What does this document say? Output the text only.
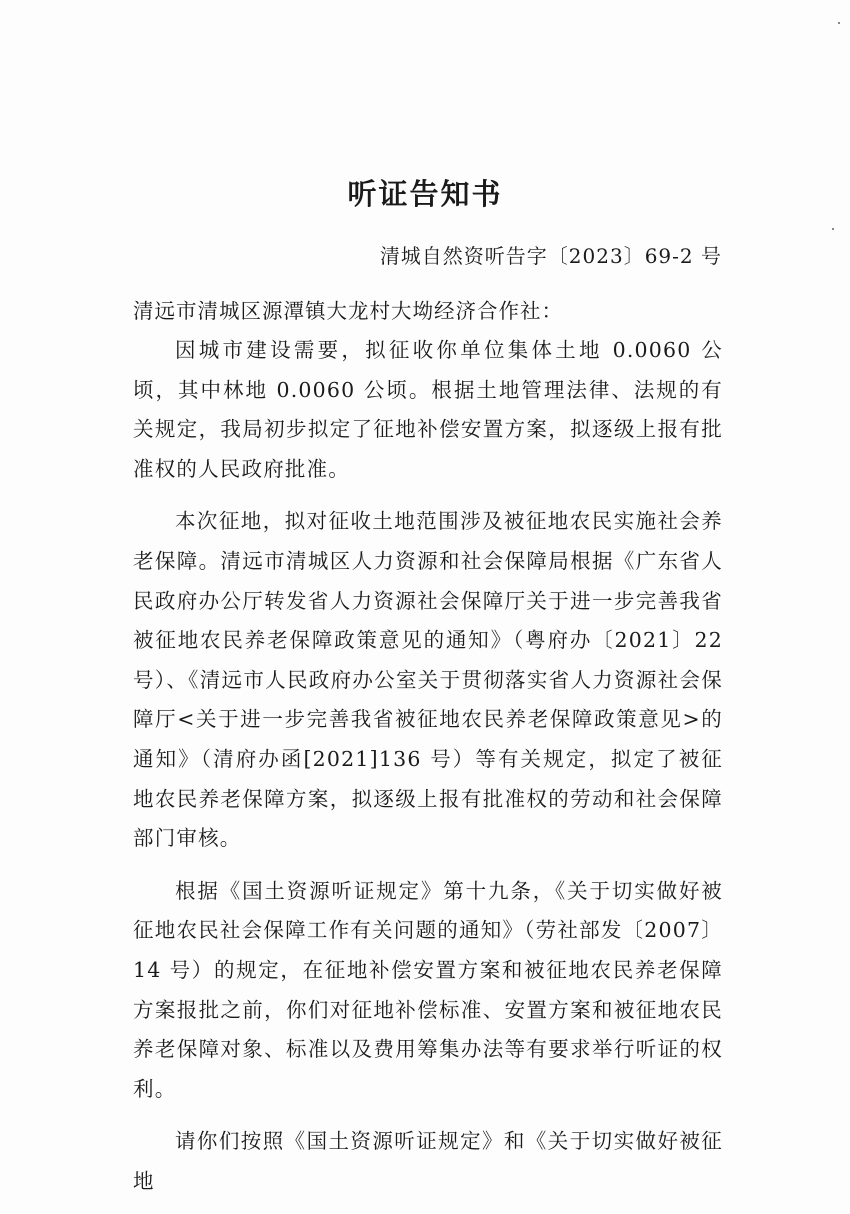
听证告知书

清城自然资听告字〔2023〕69-2 号

清远市清城区源潭镇大龙村大坳经济合作社：

因城市建设需要，拟征收你单位集体土地 0.0060 公顷，其中林地 0.0060 公顷。根据土地管理法律、法规的有关规定，我局初步拟定了征地补偿安置方案，拟逐级上报有批准权的人民政府批准。

本次征地，拟对征收土地范围涉及被征地农民实施社会养老保障。清远市清城区人力资源和社会保障局根据《广东省人民政府办公厅转发省人力资源社会保障厅关于进一步完善我省被征地农民养老保障政策意见的通知》（粤府办〔2021〕22 号）、《清远市人民政府办公室关于贯彻落实省人力资源社会保障厅<关于进一步完善我省被征地农民养老保障政策意见>的通知》（清府办函[2021]136 号）等有关规定，拟定了被征地农民养老保障方案，拟逐级上报有批准权的劳动和社会保障部门审核。

根据《国土资源听证规定》第十九条，《关于切实做好被征地农民社会保障工作有关问题的通知》（劳社部发〔2007〕14 号）的规定，在征地补偿安置方案和被征地农民养老保障方案报批之前，你们对征地补偿标准、安置方案和被征地农民养老保障对象、标准以及费用筹集办法等有要求举行听证的权利。

请你们按照《国土资源听证规定》和《关于切实做好被征地
